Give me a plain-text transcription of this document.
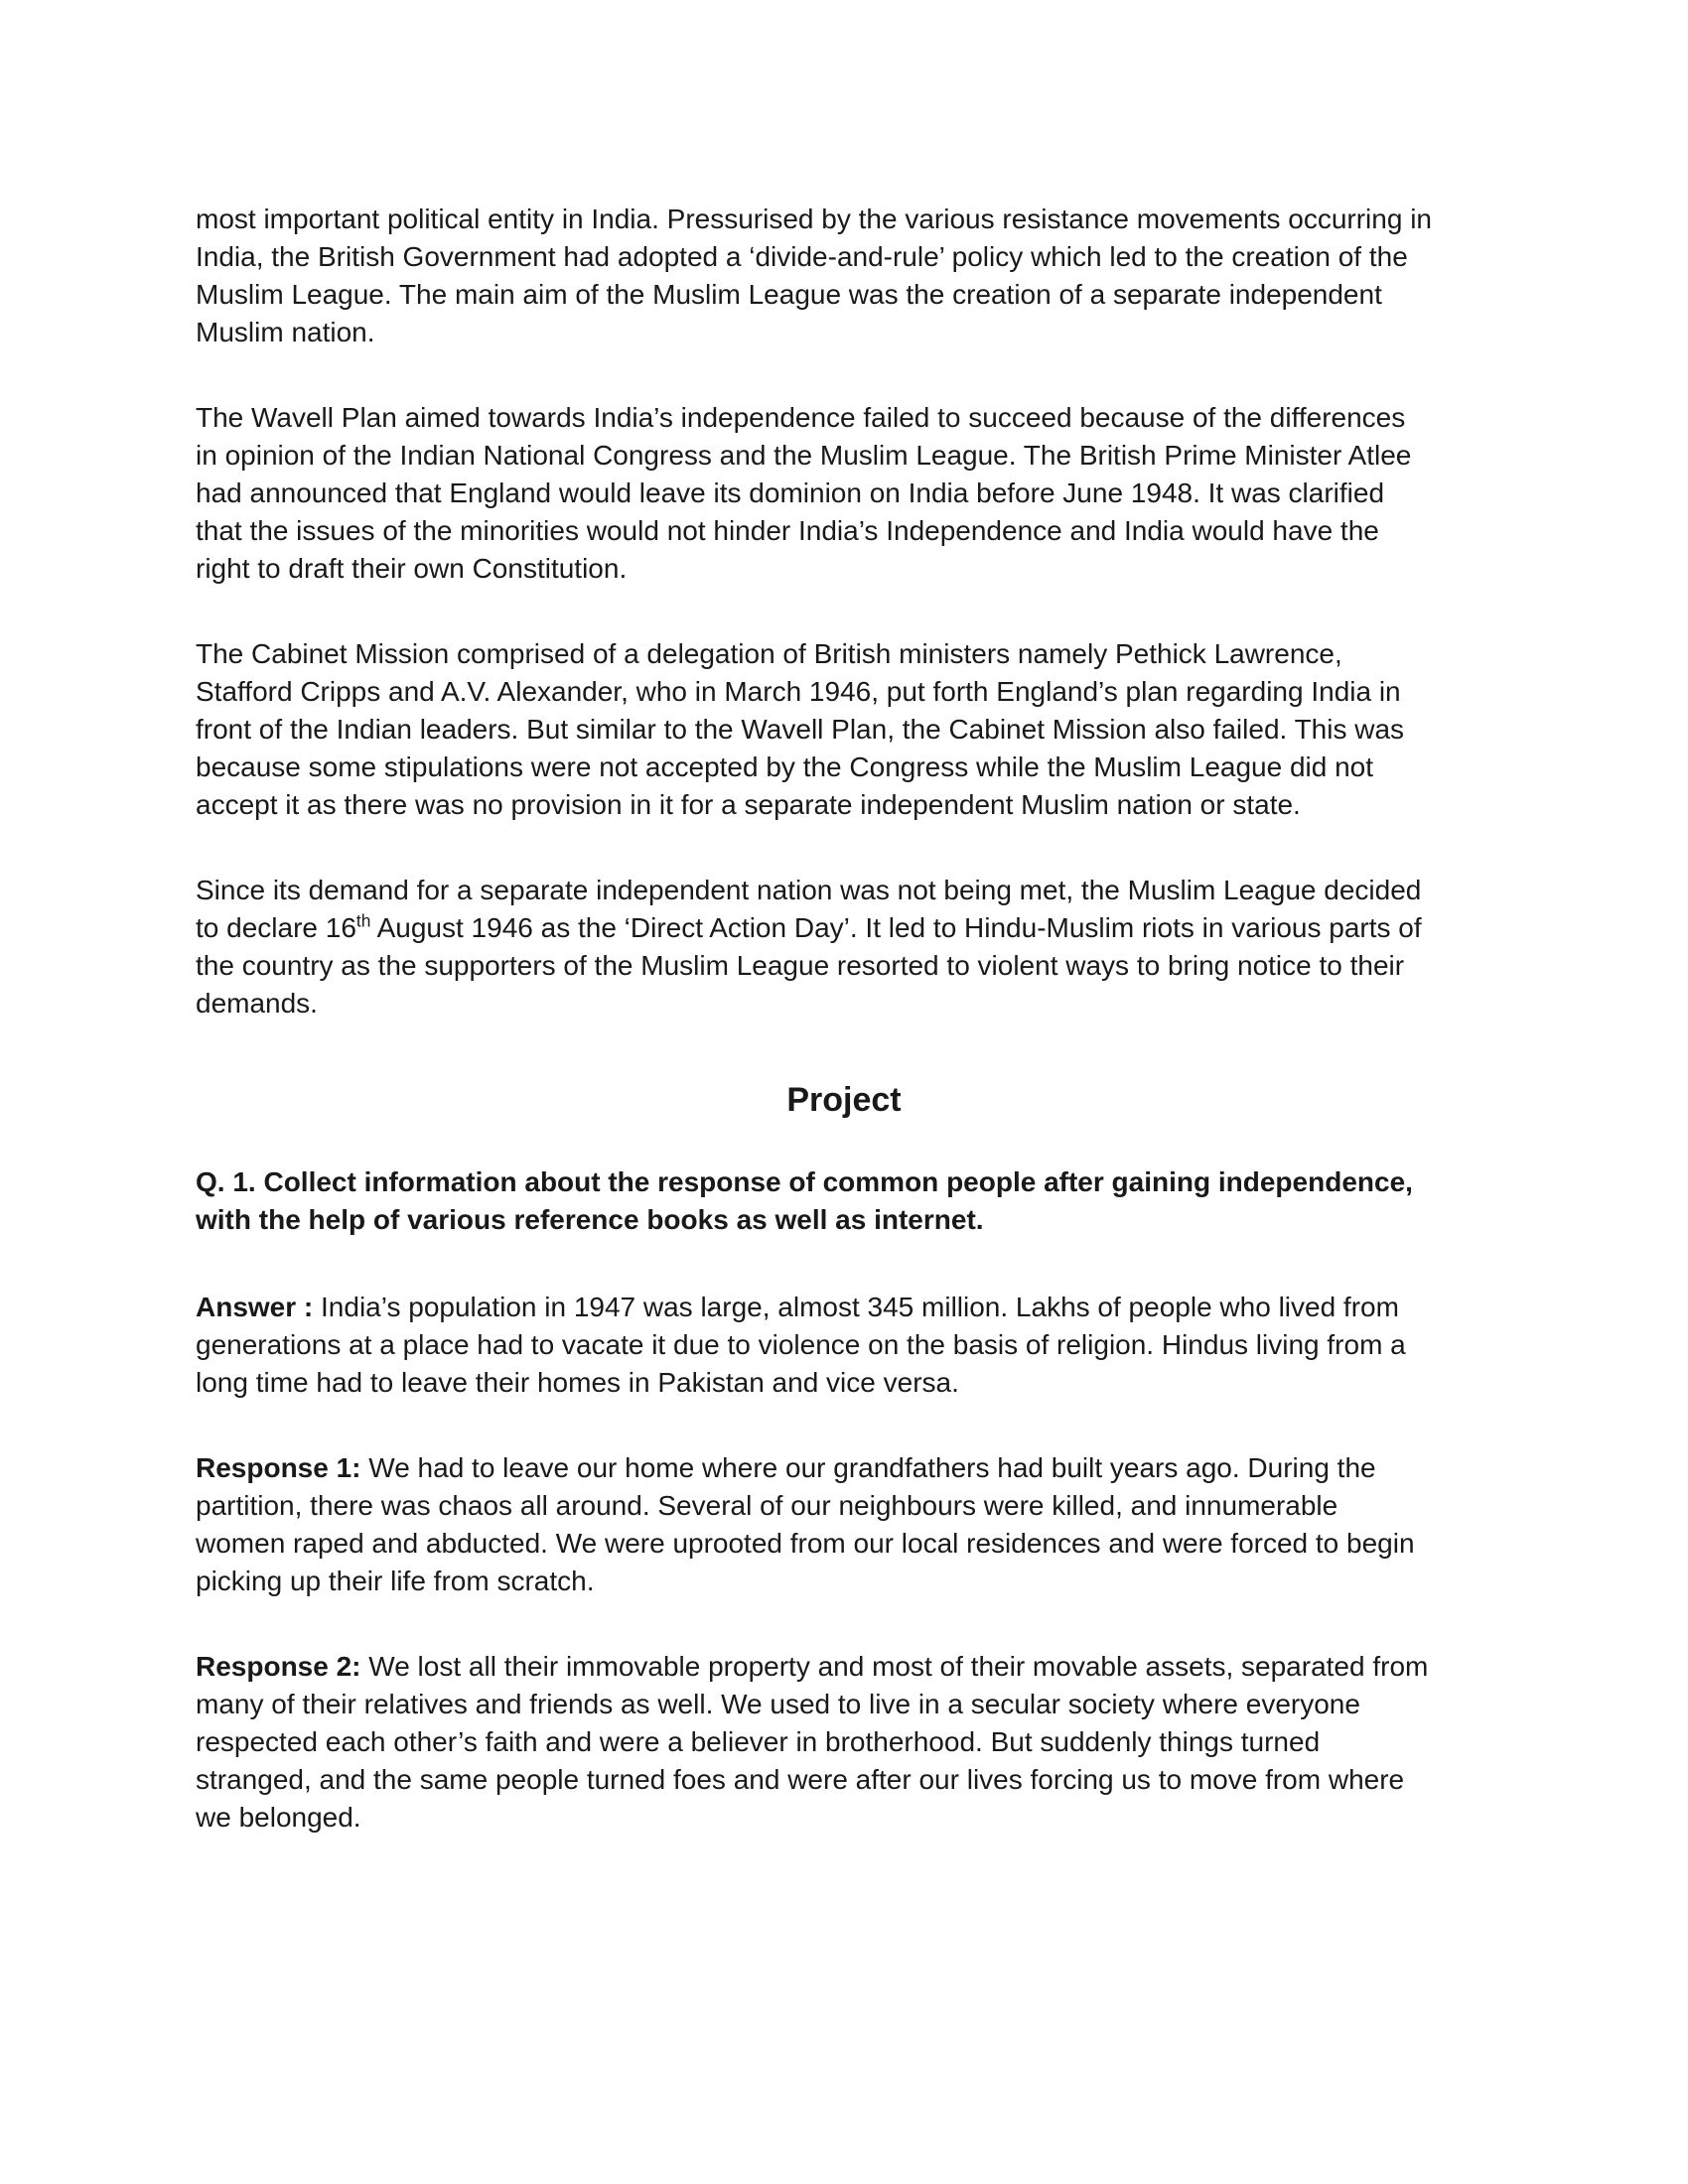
most important political entity in India. Pressurised by the various resistance movements occurring in India, the British Government had adopted a ‘divide-and-rule’ policy which led to the creation of the Muslim League. The main aim of the Muslim League was the creation of a separate independent Muslim nation.

The Wavell Plan aimed towards India’s independence failed to succeed because of the differences in opinion of the Indian National Congress and the Muslim League. The British Prime Minister Atlee had announced that England would leave its dominion on India before June 1948. It was clarified that the issues of the minorities would not hinder India’s Independence and India would have the right to draft their own Constitution.

The Cabinet Mission comprised of a delegation of British ministers namely Pethick Lawrence, Stafford Cripps and A.V. Alexander, who in March 1946, put forth England’s plan regarding India in front of the Indian leaders. But similar to the Wavell Plan, the Cabinet Mission also failed. This was because some stipulations were not accepted by the Congress while the Muslim League did not accept it as there was no provision in it for a separate independent Muslim nation or state.

Since its demand for a separate independent nation was not being met, the Muslim League decided to declare 16th August 1946 as the ‘Direct Action Day’. It led to Hindu-Muslim riots in various parts of the country as the supporters of the Muslim League resorted to violent ways to bring notice to their demands.

Project

Q. 1. Collect information about the response of common people after gaining independence, with the help of various reference books as well as internet.

Answer : India’s population in 1947 was large, almost 345 million. Lakhs of people who lived from generations at a place had to vacate it due to violence on the basis of religion. Hindus living from a long time had to leave their homes in Pakistan and vice versa.

Response 1: We had to leave our home where our grandfathers had built years ago. During the partition, there was chaos all around. Several of our neighbours were killed, and innumerable women raped and abducted. We were uprooted from our local residences and were forced to begin picking up their life from scratch.

Response 2: We lost all their immovable property and most of their movable assets, separated from many of their relatives and friends as well. We used to live in a secular society where everyone respected each other’s faith and were a believer in brotherhood. But suddenly things turned stranged, and the same people turned foes and were after our lives forcing us to move from where we belonged.
